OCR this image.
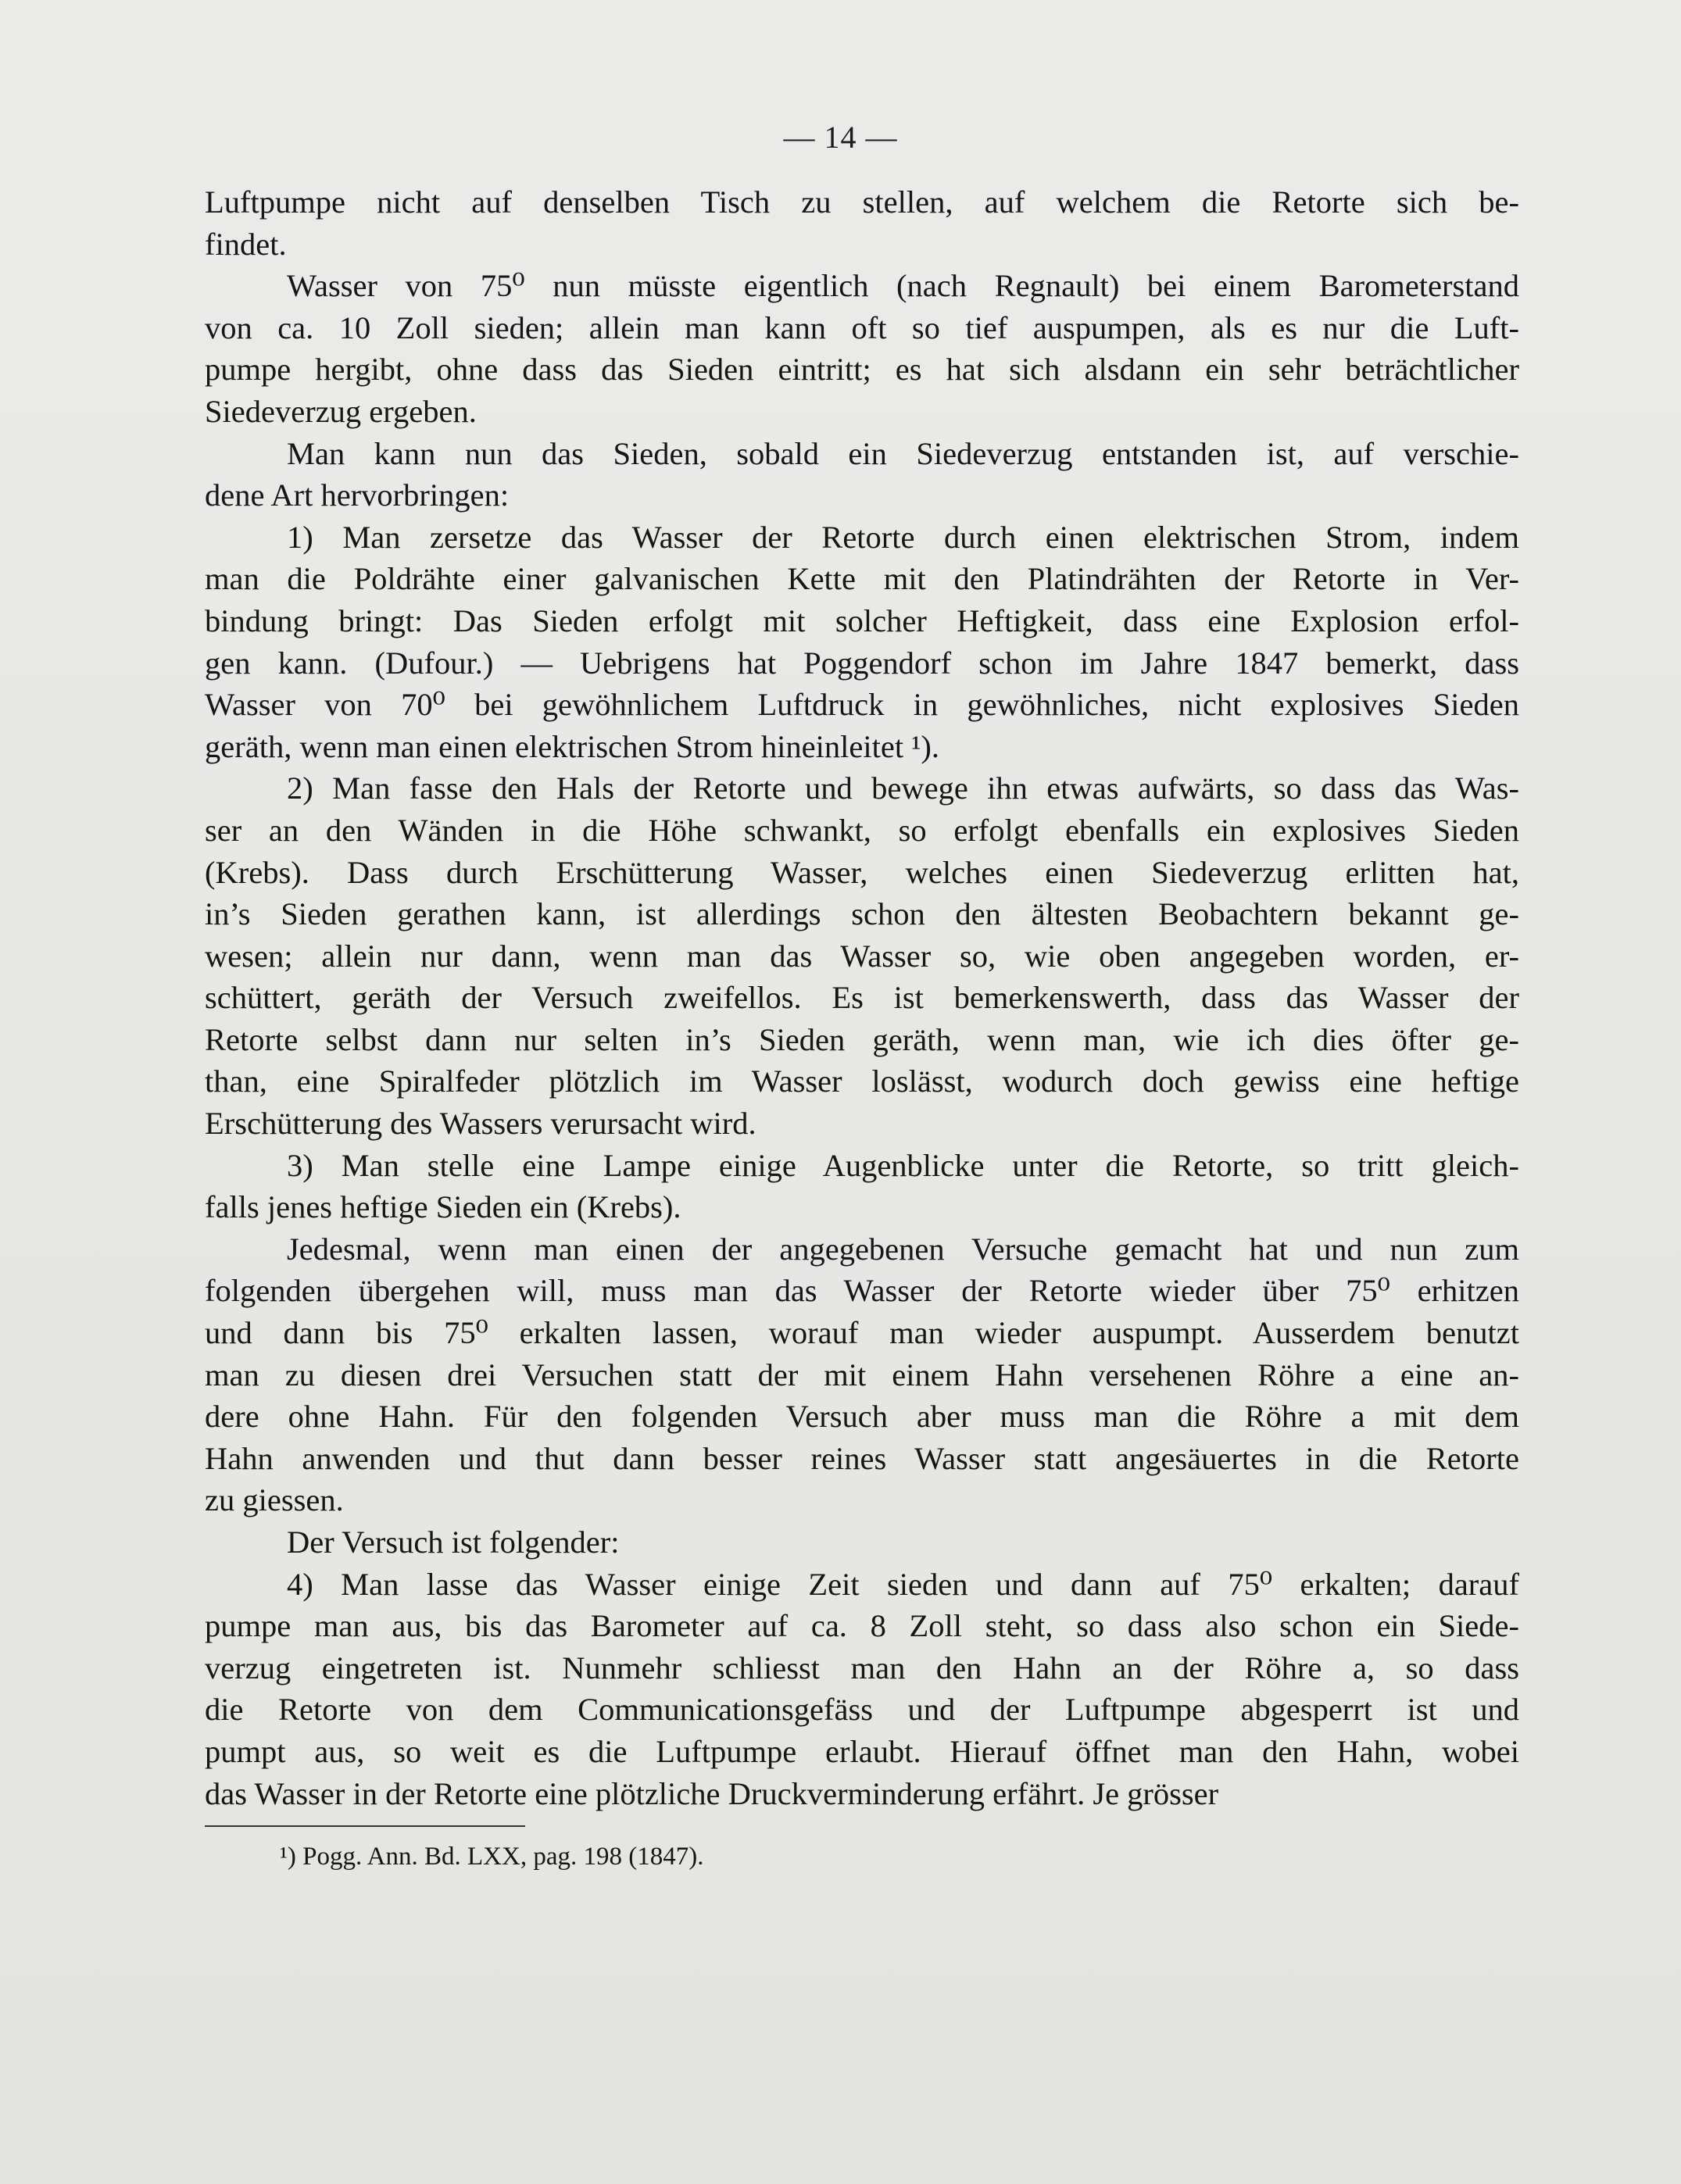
— 14 —
Luftpumpe nicht auf denselben Tisch zu stellen, auf welchem die Retorte sich be-
findet.
Wasser von 75⁰ nun müsste eigentlich (nach Regnault) bei einem Barometerstand
von ca. 10 Zoll sieden; allein man kann oft so tief auspumpen, als es nur die Luft-
pumpe hergibt, ohne dass das Sieden eintritt; es hat sich alsdann ein sehr beträchtlicher
Siedeverzug ergeben.
Man kann nun das Sieden, sobald ein Siedeverzug entstanden ist, auf verschie-
dene Art hervorbringen:
1) Man zersetze das Wasser der Retorte durch einen elektrischen Strom, indem
man die Poldrähte einer galvanischen Kette mit den Platindrähten der Retorte in Ver-
bindung bringt: Das Sieden erfolgt mit solcher Heftigkeit, dass eine Explosion erfol-
gen kann. (Dufour.) — Uebrigens hat Poggendorf schon im Jahre 1847 bemerkt, dass
Wasser von 70⁰ bei gewöhnlichem Luftdruck in gewöhnliches, nicht explosives Sieden
geräth, wenn man einen elektrischen Strom hineinleitet ¹).
2) Man fasse den Hals der Retorte und bewege ihn etwas aufwärts, so dass das Was-
ser an den Wänden in die Höhe schwankt, so erfolgt ebenfalls ein explosives Sieden
(Krebs). Dass durch Erschütterung Wasser, welches einen Siedeverzug erlitten hat,
in’s Sieden gerathen kann, ist allerdings schon den ältesten Beobachtern bekannt ge-
wesen; allein nur dann, wenn man das Wasser so, wie oben angegeben worden, er-
schüttert, geräth der Versuch zweifellos. Es ist bemerkenswerth, dass das Wasser der
Retorte selbst dann nur selten in’s Sieden geräth, wenn man, wie ich dies öfter ge-
than, eine Spiralfeder plötzlich im Wasser loslässt, wodurch doch gewiss eine heftige
Erschütterung des Wassers verursacht wird.
3) Man stelle eine Lampe einige Augenblicke unter die Retorte, so tritt gleich-
falls jenes heftige Sieden ein (Krebs).
Jedesmal, wenn man einen der angegebenen Versuche gemacht hat und nun zum
folgenden übergehen will, muss man das Wasser der Retorte wieder über 75⁰ erhitzen
und dann bis 75⁰ erkalten lassen, worauf man wieder auspumpt. Ausserdem benutzt
man zu diesen drei Versuchen statt der mit einem Hahn versehenen Röhre a eine an-
dere ohne Hahn. Für den folgenden Versuch aber muss man die Röhre a mit dem
Hahn anwenden und thut dann besser reines Wasser statt angesäuertes in die Retorte
zu giessen.
Der Versuch ist folgender:
4) Man lasse das Wasser einige Zeit sieden und dann auf 75⁰ erkalten; darauf
pumpe man aus, bis das Barometer auf ca. 8 Zoll steht, so dass also schon ein Siede-
verzug eingetreten ist. Nunmehr schliesst man den Hahn an der Röhre a, so dass
die Retorte von dem Communicationsgefäss und der Luftpumpe abgesperrt ist und
pumpt aus, so weit es die Luftpumpe erlaubt. Hierauf öffnet man den Hahn, wobei
das Wasser in der Retorte eine plötzliche Druckverminderung erfährt. Je grösser
¹) Pogg. Ann. Bd. LXX, pag. 198 (1847).
